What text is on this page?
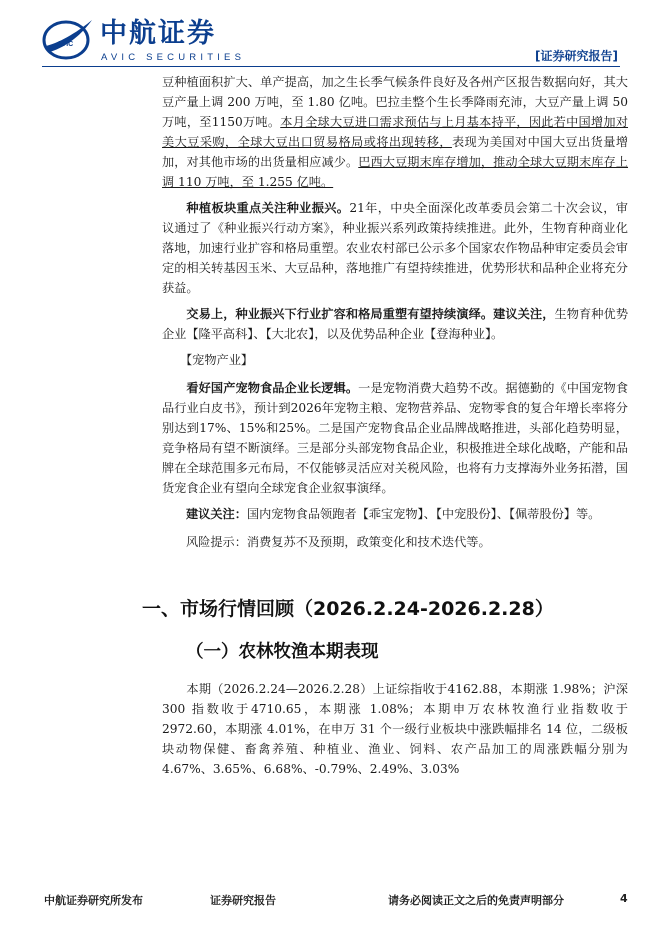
AVIC 中航证券
AVIC SECURITIES	[证券研究报告]

豆种植面积扩大、单产提高，加之生长季气候条件良好及各州产区报告数据向好，其大豆产量上调 200 万吨，至 1.80 亿吨。巴拉圭整个生长季降雨充沛，大豆产量上调 50 万吨，至1150万吨。本月全球大豆进口需求预估与上月基本持平，因此若中国增加对美大豆采购，全球大豆出口贸易格局或将出现转移，表现为美国对中国大豆出货量增加，对其他市场的出货量相应减少。巴西大豆期末库存增加，推动全球大豆期末库存上调 110 万吨，至 1.255 亿吨。

种植板块重点关注种业振兴。21年，中央全面深化改革委员会第二十次会议，审议通过了《种业振兴行动方案》，种业振兴系列政策持续推进。此外，生物育种商业化落地，加速行业扩容和格局重塑。农业农村部已公示多个国家农作物品种审定委员会审定的相关转基因玉米、大豆品种，落地推广有望持续推进，优势形状和品种企业将充分获益。

交易上，种业振兴下行业扩容和格局重塑有望持续演绎。建议关注，生物育种优势企业【隆平高科】、【大北农】，以及优势品种企业【登海种业】。

【宠物产业】

看好国产宠物食品企业长逻辑。一是宠物消费大趋势不改。据德勤的《中国宠物食品行业白皮书》，预计到2026年宠物主粮、宠物营养品、宠物零食的复合年增长率将分别达到17%、15%和25%。二是国产宠物食品企业品牌战略推进，头部化趋势明显，竞争格局有望不断演绎。三是部分头部宠物食品企业，积极推进全球化战略，产能和品牌在全球范围多元布局，不仅能够灵活应对关税风险，也将有力支撑海外业务拓潜，国货宠食企业有望向全球宠食企业叙事演绎。

建议关注：国内宠物食品领跑者【乖宝宠物】、【中宠股份】、【佩蒂股份】等。

风险提示：消费复苏不及预期，政策变化和技术迭代等。

一、市场行情回顾（2026.2.24-2026.2.28）
（一）农林牧渔本期表现

本期（2026.2.24—2026.2.28）上证综指收于4162.88，本期涨 1.98%；沪深 300 指数收于4710.65，本期涨 1.08%；本期申万农林牧渔行业指数收于 2972.60，本期涨 4.01%，在申万 31 个一级行业板块中涨跌幅排名 14 位，二级板块动物保健、畜禽养殖、种植业、渔业、饲料、农产品加工的周涨跌幅分别为 4.67%、3.65%、6.68%、-0.79%、2.49%、3.03%

中航证券研究所发布	证券研究报告	请务必阅读正文之后的免责声明部分	4
